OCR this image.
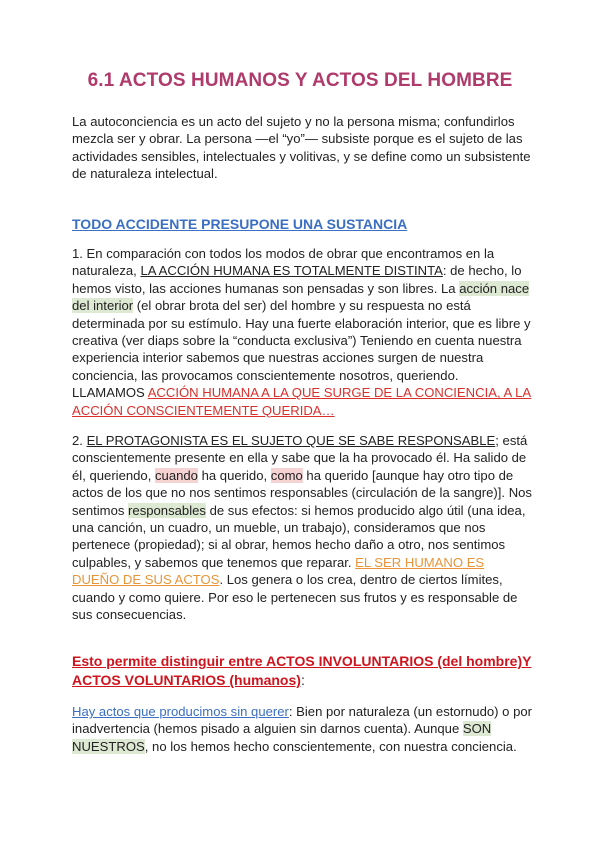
6.1 ACTOS HUMANOS Y ACTOS DEL HOMBRE

La autoconciencia es un acto del sujeto y no la persona misma; confundirlos mezcla ser y obrar. La persona —el “yo”— subsiste porque es el sujeto de las actividades sensibles, intelectuales y volitivas, y se define como un subsistente de naturaleza intelectual.

TODO ACCIDENTE PRESUPONE UNA SUSTANCIA

1. En comparación con todos los modos de obrar que encontramos en la naturaleza, LA ACCIÓN HUMANA ES TOTALMENTE DISTINTA: de hecho, lo hemos visto, las acciones humanas son pensadas y son libres. La acción nace del interior (el obrar brota del ser) del hombre y su respuesta no está determinada por su estímulo. Hay una fuerte elaboración interior, que es libre y creativa (ver diaps sobre la “conducta exclusiva”) Teniendo en cuenta nuestra experiencia interior sabemos que nuestras acciones surgen de nuestra conciencia, las provocamos conscientemente nosotros, queriendo. LLAMAMOS ACCIÓN HUMANA A LA QUE SURGE DE LA CONCIENCIA, A LA ACCIÓN CONSCIENTEMENTE QUERIDA…

2. EL PROTAGONISTA ES EL SUJETO QUE SE SABE RESPONSABLE; está conscientemente presente en ella y sabe que la ha provocado él. Ha salido de él, queriendo, cuando ha querido, como ha querido [aunque hay otro tipo de actos de los que no nos sentimos responsables (circulación de la sangre)]. Nos sentimos responsables de sus efectos: si hemos producido algo útil (una idea, una canción, un cuadro, un mueble, un trabajo), consideramos que nos pertenece (propiedad); si al obrar, hemos hecho daño a otro, nos sentimos culpables, y sabemos que tenemos que reparar. EL SER HUMANO ES DUEÑO DE SUS ACTOS. Los genera o los crea, dentro de ciertos límites, cuando y como quiere. Por eso le pertenecen sus frutos y es responsable de sus consecuencias.

Esto permite distinguir entre ACTOS INVOLUNTARIOS (del hombre)Y ACTOS VOLUNTARIOS (humanos):

Hay actos que producimos sin querer: Bien por naturaleza (un estornudo) o por inadvertencia (hemos pisado a alguien sin darnos cuenta). Aunque SON NUESTROS, no los hemos hecho conscientemente, con nuestra conciencia.
